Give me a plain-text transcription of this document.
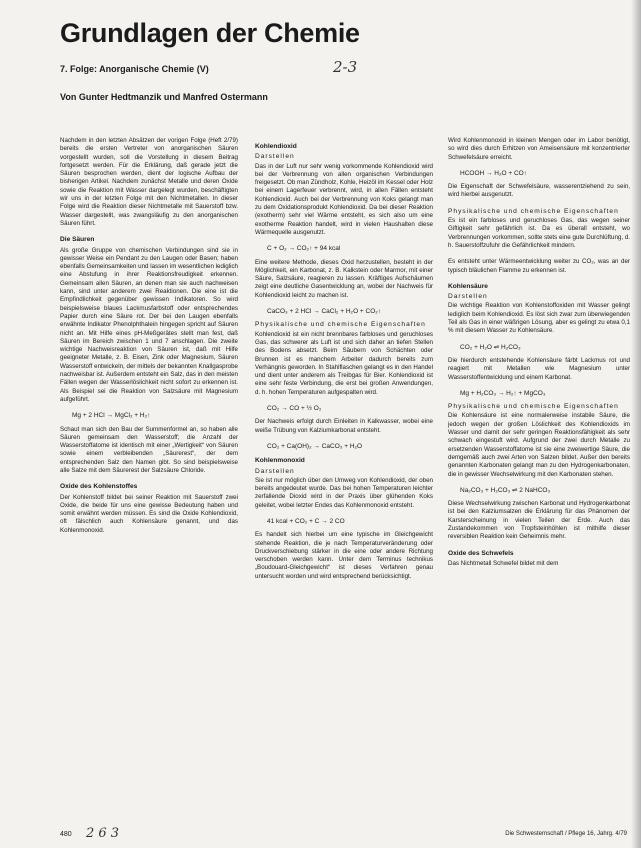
Grundlagen der Chemie
7. Folge: Anorganische Chemie (V)	2-3
Von Gunter Hedtmanzik und Manfred Ostermann
Nachdem in den letzten Absätzen der vorigen Folge (Heft 2/79) bereits die ersten Vertreter von anorganischen Säuren vorgestellt wurden, soll die Vorstellung in diesem Beitrag fortgesetzt werden. Für die Erklärung, daß gerade jetzt die Säuren besprochen werden, dient der logische Aufbau der bisherigen Artikel. Nachdem zunächst Metalle und deren Oxide sowie die Reaktion mit Wasser dargelegt wurden, beschäftigten wir uns in der letzten Folge mit den Nichtmetallen. In dieser Folge wird die Reaktion dieser Nichtmetalle mit Sauerstoff bzw. Wasser dargestellt, was zwangsläufig zu den anorganischen Säuren führt.
Die Säuren
Als große Gruppe von chemischen Verbindungen sind sie in gewisser Weise ein Pendant zu den Laugen oder Basen; haben ebenfalls Gemeinsamkeiten und lassen im wesentlichen lediglich eine Abstufung in ihrer Reaktionsfreudigkeit erkennen. Gemeinsam allen Säuren, an denen man sie auch nachweisen kann, sind unter anderem zwei Reaktionen. Die eine ist die Empfindlichkeit gegenüber gewissen Indikatoren. So wird beispielsweise blaues Lackmusfarbstoff oder entsprechendes Papier durch eine Säure rot. Der bei den Laugen ebenfalls erwähnte Indikator Phenolphthalein hingegen spricht auf Säuren nicht an. Mit Hilfe eines pH-Meßgerätes stellt man fest, daß Säuren im Bereich zwischen 1 und 7 anschlagen. Die zweite wichtige Nachweisreaktion von Säuren ist, daß mit Hilfe geeigneter Metalle, z. B. Eisen, Zink oder Magnesium, Säuren Wasserstoff entwickeln, der mittels der bekannten Knallgasprobe nachweisbar ist. Außerdem entsteht ein Salz, das in den meisten Fällen wegen der Wasserlöslichkeit nicht sofort zu erkennen ist. Als Beispiel sei die Reaktion von Salzsäure mit Magnesium aufgeführt.
Mg + 2 HCl → MgCl₂ + H₂↑
Schaut man sich den Bau der Summenformel an, so haben alle Säuren gemeinsam den Wasserstoff; die Anzahl der Wasserstoffatome ist identisch mit einer „Wertigkeit“ von Säuren sowie einem verbleibenden „Säurerest“, der dem entsprechenden Salz den Namen gibt. So sind beispielsweise alle Salze mit dem Säurerest der Salzsäure Chloride.
Oxide des Kohlenstoffes
Der Kohlenstoff bildet bei seiner Reaktion mit Sauerstoff zwei Oxide, die beide für uns eine gewisse Bedeutung haben und somit erwähnt werden müssen. Es sind die Oxide Kohlendioxid, oft fälschlich auch Kohlensäure genannt, und das Kohlenmonoxid.
Kohlendioxid
Darstellen
Das in der Luft nur sehr wenig vorkommende Kohlendioxid wird bei der Verbrennung von allen organischen Verbindungen freigesetzt. Ob man Zündholz, Kohle, Heizöl im Kessel oder Holz bei einem Lagerfeuer verbrennt, wird, in allen Fällen entsteht Kohlendioxid. Auch bei der Verbrennung von Koks gelangt man zu dem Oxidationsprodukt Kohlendioxid. Da bei dieser Reaktion (exotherm) sehr viel Wärme entsteht, es sich also um eine exotherme Reaktion handelt, wird in vielen Haushalten diese Wärmequelle ausgenutzt.
C + O₂ → CO₂↑ + 94 kcal
Eine weitere Methode, dieses Oxid herzustellen, besteht in der Möglichkeit, ein Karbonat, z. B. Kalkstein oder Marmor, mit einer Säure, Salzsäure, reagieren zu lassen. Kräftiges Aufschäumen zeigt eine deutliche Gasentwicklung an, wobei der Nachweis für Kohlendioxid leicht zu machen ist.
CaCO₃ + 2 HCl → CaCl₂ + H₂O + CO₂↑
Physikalische und chemische Eigenschaften
Kohlendioxid ist ein nicht brennbares farbloses und geruchloses Gas, das schwerer als Luft ist und sich daher an tiefen Stellen des Bodens absetzt. Beim Säubern von Schächten oder Brunnen ist es manchem Arbeiter dadurch bereits zum Verhängnis geworden. In Stahlflaschen gelangt es in den Handel und dient unter anderem als Treibgas für Bier. Kohlendioxid ist eine sehr feste Verbindung, die erst bei großen Anwendungen, d. h. hohen Temperaturen aufgespalten wird.
CO₂ → CO + ½ O₂
Der Nachweis erfolgt durch Einleiten in Kalkwasser, wobei eine weiße Trübung von Kalziumkarbonat entsteht.
CO₂ + Ca(OH)₂ → CaCO₃ + H₂O
Kohlenmonoxid
Darstellen
Sie ist nur möglich über den Umweg von Kohlendioxid, der oben bereits angedeutet wurde. Das bei hohen Temperaturen leichter zerfallende Dioxid wird in der Praxis über glühenden Koks geleitet, wobei letzter Endes das Kohlenmonoxid entsteht.
41 kcal + CO₂ + C → 2 CO
Es handelt sich hierbei um eine typische im Gleichgewicht stehende Reaktion, die je nach Temperaturveränderung oder Druckverschiebung stärker in die eine oder andere Richtung verschoben werden kann. Unter dem Terminus technikus „Boudouard-Gleichgewicht“ ist dieses Verfahren genau untersucht worden und wird entsprechend berücksichtigt.
Wird Kohlenmonoxid in kleinen Mengen oder im Labor benötigt, so wird dies durch Erhitzen von Ameisensäure mit konzentrierter Schwefelsäure erreicht.
HCOOH → H₂O + CO↑
Die Eigenschaft der Schwefelsäure, wasserentziehend zu sein, wird hierbei ausgenutzt.
Physikalische und chemische Eigenschaften
Es ist ein farbloses und geruchloses Gas, das wegen seiner Giftigkeit sehr gefährlich ist. Da es überall entsteht, wo Verbrennungen vorkommen, sollte stets eine gute Durchlüftung, d. h. Sauerstoffzufuhr die Gefährlichkeit mindern.
Es entsteht unter Wärmeentwicklung weiter zu CO₂, was an der typisch bläulichen Flamme zu erkennen ist.
Kohlensäure
Darstellen
Die wichtige Reaktion von Kohlenstoffoxiden mit Wasser gelingt lediglich beim Kohlendioxid. Es löst sich zwar zum überwiegenden Teil als Gas in einer wäßrigen Lösung, aber es gelingt zu etwa 0,1 % mit diesem Wasser zu Kohlensäure.
CO₂ + H₂O ⇌ H₂CO₃
Die hierdurch entstehende Kohlensäure färbt Lackmus rot und reagiert mit Metallen wie Magnesium unter Wasserstoffentwicklung und einem Karbonat.
Mg + H₂CO₃ → H₂↑ + MgCO₃
Physikalische und chemische Eigenschaften
Die Kohlensäure ist eine normalerweise instabile Säure, die jedoch wegen der großen Löslichkeit des Kohlendioxids im Wasser und damit der sehr geringen Reaktionsfähigkeit als sehr schwach eingestuft wird. Aufgrund der zwei durch Metalle zu ersetzenden Wasserstoffatome ist sie eine zweiwertige Säure, die demgemäß auch zwei Arten von Salzen bildet. Außer den bereits genannten Karbonaten gelangt man zu den Hydrogenkarbonaten, die in gewisser Wechselwirkung mit den Karbonaten stehen.
Na₂CO₃ + H₂CO₃ ⇌ 2 NaHCO₃
Diese Wechselwirkung zwischen Karbonat und Hydrogenkarbonat ist bei den Kalziumsalzen die Erklärung für das Phänomen der Karsterscheinung in vielen Teilen der Erde. Auch das Zustandekommen von Tropfsteinhöhlen ist mithilfe dieser reversiblen Reaktion kein Geheimnis mehr.
Oxide des Schwefels
Das Nichtmetall Schwefel bildet mit dem
480 2 6 3	Die Schwesternschaft / Pflege 16, Jahrg. 4/79
